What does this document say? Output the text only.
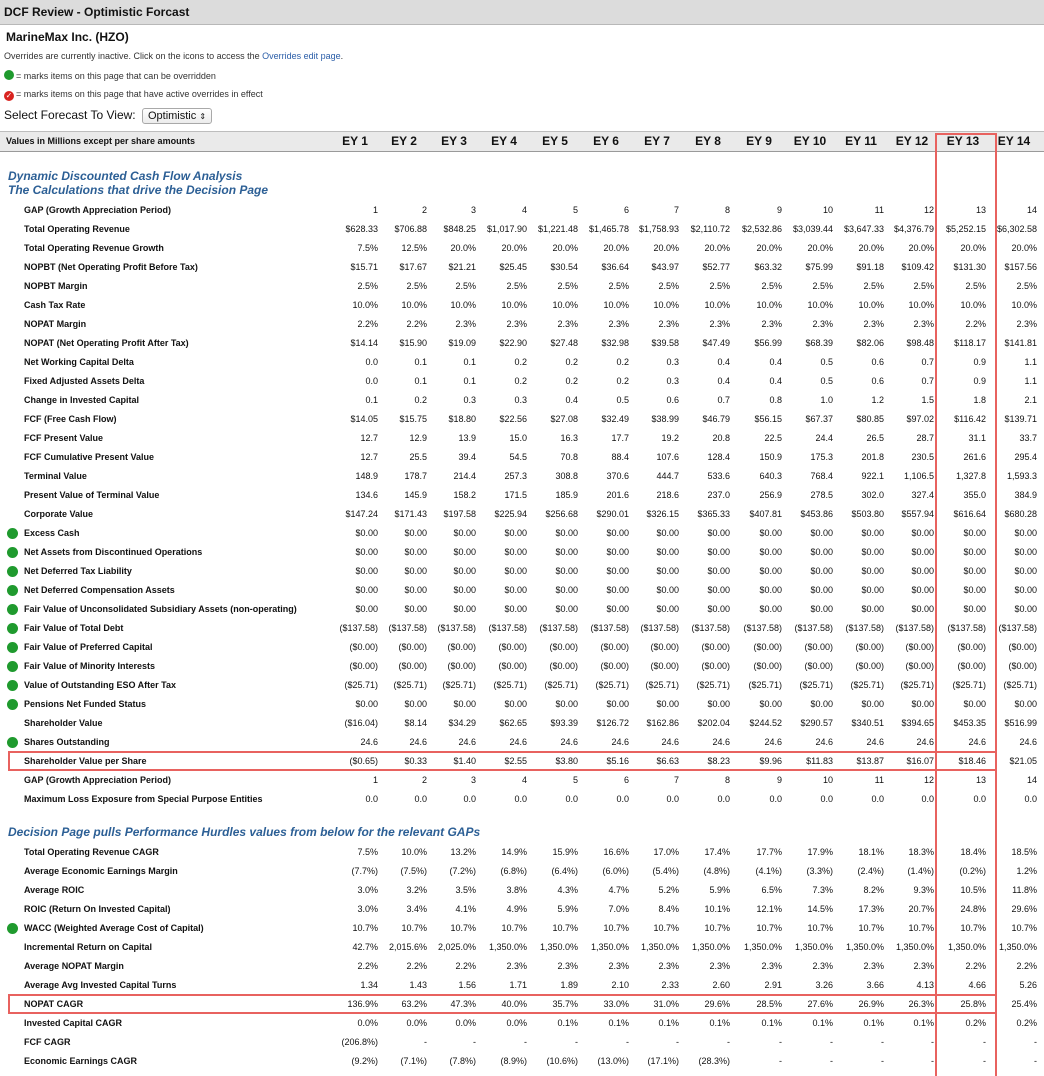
DCF Review - Optimistic Forcast
MarineMax Inc. (HZO)
Overrides are currently inactive. Click on the icons to access the Overrides edit page.
= marks items on this page that can be overridden
✓ = marks items on this page that have active overrides in effect
Select Forecast To View: Optimistic ⇕
Values in Millions except per share amounts	EY 1	EY 2	EY 3	EY 4	EY 5	EY 6	EY 7	EY 8	EY 9	EY 10	EY 11	EY 12	EY 13	EY 14
Dynamic Discounted Cash Flow Analysis
The Calculations that drive the Decision Page
Decision Page pulls Performance Hurdles values from below for the relevant GAPs
GAP (Growth Appreciation Period)	1	2	3	4	5	6	7	8	9	10	11	12	13	14
Total Operating Revenue	$628.33 $706.88 $848.25 $1,017.90 $1,221.48 $1,465.78 $1,758.93 $2,110.72 $2,532.86 $3,039.44 $3,647.33 $4,376.79 $5,252.15 $6,302.58
Total Operating Revenue Growth	7.5%	12.5%	20.0%	20.0%	20.0%	20.0%	20.0%	20.0%	20.0%	20.0%	20.0%	20.0%	20.0%	20.0%
NOPBT (Net Operating Profit Before Tax)	$15.71 $17.67 $21.21	$25.45	$30.54	$36.64 $43.97	$52.77	$63.32	$75.99	$91.18 $109.42 $131.30 $157.56
NOPBT Margin	2.5%	2.5%	2.5%	2.5%	2.5%	2.5%	2.5%	2.5%	2.5%	2.5%	2.5%	2.5%	2.5%	2.5%
Cash Tax Rate	10.0%	10.0%	10.0%	10.0%	10.0%	10.0%	10.0%	10.0%	10.0%	10.0%	10.0%	10.0%	10.0%	10.0%
NOPAT Margin	2.2%	2.2%	2.3%	2.3%	2.3%	2.3%	2.3%	2.3%	2.3%	2.3%	2.3%	2.3%	2.2%	2.3%
NOPAT (Net Operating Profit After Tax)	$14.14 $15.90 $19.09	$22.90	$27.48	$32.98 $39.58	$47.49	$56.99	$68.39	$82.06 $98.48 $118.17 $141.81
Net Working Capital Delta	0.0	0.1	0.1	0.2	0.2	0.2	0.3	0.4	0.4	0.5	0.6	0.7	0.9	1.1
Fixed Adjusted Assets Delta	0.0	0.1	0.1	0.2	0.2	0.2	0.3	0.4	0.4	0.5	0.6	0.7	0.9	1.1
Change in Invested Capital	0.1	0.2	0.3	0.3	0.4	0.5	0.6	0.7	0.8	1.0	1.2	1.5	1.8	2.1
FCF (Free Cash Flow)	$14.05 $15.75 $18.80	$22.56	$27.08	$32.49 $38.99	$46.79	$56.15	$67.37	$80.85 $97.02 $116.42 $139.71
FCF Present Value	12.7	12.9	13.9	15.0	16.3	17.7	19.2	20.8	22.5	24.4	26.5	28.7	31.1	33.7
FCF Cumulative Present Value	12.7	25.5	39.4	54.5	70.8	88.4	107.6	128.4	150.9	175.3	201.8	230.5	261.6	295.4
Terminal Value	148.9	178.7	214.4	257.3	308.8	370.6	444.7	533.6	640.3	768.4	922.1 1,106.5 1,327.8 1,593.3
Present Value of Terminal Value	134.6	145.9	158.2	171.5	185.9	201.6	218.6	237.0	256.9	278.5	302.0	327.4	355.0	384.9
Corporate Value	$147.24 $171.43 $197.58 $225.94 $256.68 $290.01 $326.15 $365.33 $407.81 $453.86 $503.80 $557.94 $616.64 $680.28
Excess Cash	$0.00	$0.00	$0.00	$0.00	$0.00	$0.00	$0.00	$0.00	$0.00	$0.00	$0.00	$0.00	$0.00	$0.00
Net Assets from Discontinued Operations	$0.00	$0.00	$0.00	$0.00	$0.00	$0.00	$0.00	$0.00	$0.00	$0.00	$0.00	$0.00	$0.00	$0.00
Net Deferred Tax Liability	$0.00	$0.00	$0.00	$0.00	$0.00	$0.00	$0.00	$0.00	$0.00	$0.00	$0.00	$0.00	$0.00	$0.00
Net Deferred Compensation Assets	$0.00	$0.00	$0.00	$0.00	$0.00	$0.00	$0.00	$0.00	$0.00	$0.00	$0.00	$0.00	$0.00	$0.00
Fair Value of Unconsolidated Subsidiary Assets (non-operating)	$0.00	$0.00	$0.00	$0.00	$0.00	$0.00	$0.00	$0.00	$0.00	$0.00	$0.00	$0.00	$0.00	$0.00
Fair Value of Total Debt	($137.58) ($137.58) ($137.58) ($137.58) ($137.58) ($137.58) ($137.58) ($137.58) ($137.58) ($137.58) ($137.58) ($137.58) ($137.58) ($137.58)
Fair Value of Preferred Capital	($0.00) ($0.00) ($0.00) ($0.00) ($0.00) ($0.00) ($0.00) ($0.00)	($0.00) ($0.00) ($0.00) ($0.00)	($0.00) ($0.00)
Fair Value of Minority Interests	($0.00) ($0.00) ($0.00) ($0.00) ($0.00) ($0.00) ($0.00) ($0.00)	($0.00) ($0.00) ($0.00) ($0.00)	($0.00) ($0.00)
Value of Outstanding ESO After Tax	($25.71) ($25.71) ($25.71) ($25.71) ($25.71) ($25.71) ($25.71) ($25.71) ($25.71) ($25.71) ($25.71) ($25.71) ($25.71) ($25.71)
Pensions Net Funded Status	$0.00	$0.00	$0.00	$0.00	$0.00	$0.00	$0.00	$0.00	$0.00	$0.00	$0.00	$0.00	$0.00	$0.00
Shareholder Value	($16.04)	$8.14 $34.29	$62.65	$93.39 $126.72 $162.86 $202.04 $244.52 $290.57 $340.51 $394.65 $453.35 $516.99
Shares Outstanding	24.6	24.6	24.6	24.6	24.6	24.6	24.6	24.6	24.6	24.6	24.6	24.6	24.6	24.6
Shareholder Value per Share	($0.65)	$0.33	$1.40	$2.55	$3.80	$5.16	$6.63	$8.23	$9.96	$11.83	$13.87 $16.07	$18.46	$21.05
GAP (Growth Appreciation Period)	1	2	3	4	5	6	7	8	9	10	11	12	13	14
Maximum Loss Exposure from Special Purpose Entities	0.0	0.0	0.0	0.0	0.0	0.0	0.0	0.0	0.0	0.0	0.0	0.0	0.0	0.0
Total Operating Revenue CAGR	7.5%	10.0%	13.2%	14.9%	15.9%	16.6%	17.0%	17.4%	17.7%	17.9%	18.1%	18.3%	18.4%	18.5%
Average Economic Earnings Margin	(7.7%) (7.5%) (7.2%)	(6.8%)	(6.4%)	(6.0%)	(5.4%)	(4.8%)	(4.1%)	(3.3%)	(2.4%)	(1.4%)	(0.2%)	1.2%
Average ROIC	3.0%	3.2%	3.5%	3.8%	4.3%	4.7%	5.2%	5.9%	6.5%	7.3%	8.2%	9.3%	10.5%	11.8%
ROIC (Return On Invested Capital)	3.0%	3.4%	4.1%	4.9%	5.9%	7.0%	8.4%	10.1%	12.1%	14.5%	17.3%	20.7%	24.8%	29.6%
WACC (Weighted Average Cost of Capital)	10.7%	10.7%	10.7%	10.7%	10.7%	10.7%	10.7%	10.7%	10.7%	10.7%	10.7%	10.7%	10.7%	10.7%
Incremental Return on Capital	42.7% 2,015.6% 2,025.0% 1,350.0% 1,350.0% 1,350.0% 1,350.0% 1,350.0% 1,350.0% 1,350.0% 1,350.0% 1,350.0% 1,350.0% 1,350.0%
Average NOPAT Margin	2.2%	2.2%	2.2%	2.3%	2.3%	2.3%	2.3%	2.3%	2.3%	2.3%	2.3%	2.3%	2.2%	2.2%
Average Avg Invested Capital Turns	1.34	1.43	1.56	1.71	1.89	2.10	2.33	2.60	2.91	3.26	3.66	4.13	4.66	5.26
NOPAT CAGR	136.9%	63.2%	47.3%	40.0%	35.7%	33.0%	31.0%	29.6%	28.5%	27.6%	26.9%	26.3%	25.8%	25.4%
Invested Capital CAGR	0.0%	0.0%	0.0%	0.0%	0.1%	0.1%	0.1%	0.1%	0.1%	0.1%	0.1%	0.1%	0.2%	0.2%
FCF CAGR	(206.8%)	-	-	-	-	-	-	-	-	-	-	-	-	-
Economic Earnings CAGR	(9.2%) (7.1%) (7.8%)	(8.9%) (10.6%) (13.0%) (17.1%) (28.3%)	-	-	-	-	-	-
